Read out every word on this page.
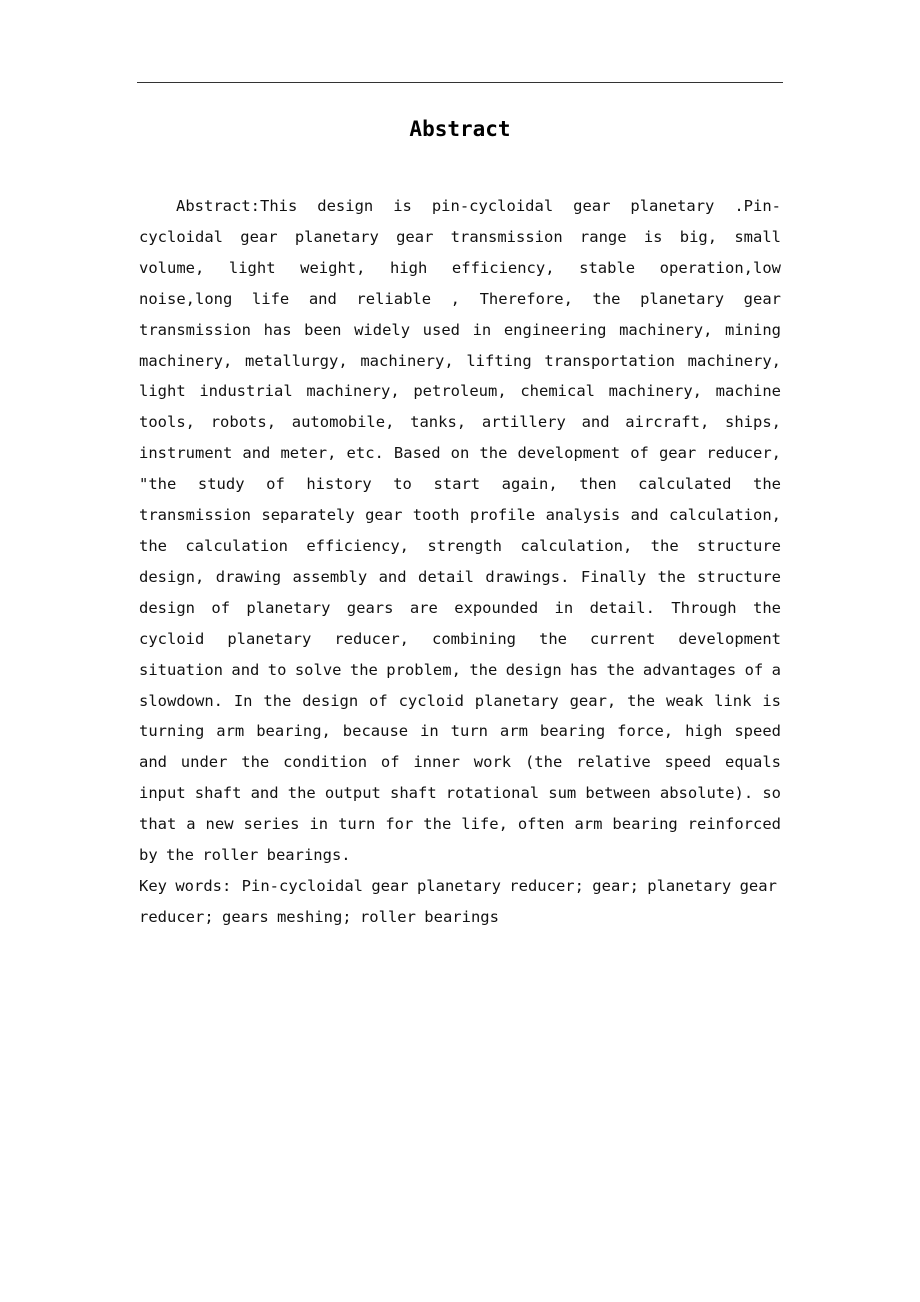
Abstract

Abstract:This design is pin-cycloidal gear planetary .Pin-cycloidal gear planetary gear transmission range is big, small volume, light weight, high efficiency, stable operation,low noise,long life and reliable , Therefore, the planetary gear transmission has been widely used in engineering machinery, mining machinery, metallurgy, machinery, lifting transportation machinery, light industrial machinery, petroleum, chemical machinery, machine tools, robots, automobile, tanks, artillery and aircraft, ships, instrument and meter, etc. Based on the development of gear reducer, "the study of history to start again, then calculated the transmission separately gear tooth profile analysis and calculation, the calculation efficiency, strength calculation, the structure design, drawing assembly and detail drawings. Finally the structure design of planetary gears are expounded in detail. Through the cycloid planetary reducer, combining the current development situation and to solve the problem, the design has the advantages of a slowdown. In the design of cycloid planetary gear, the weak link is turning arm bearing, because in turn arm bearing force, high speed and under the condition of inner work (the relative speed equals input shaft and the output shaft rotational sum between absolute). so that a new series in turn for the life, often arm bearing reinforced by the roller bearings.

Key words: Pin-cycloidal gear planetary reducer; gear; planetary gear reducer; gears meshing; roller bearings
